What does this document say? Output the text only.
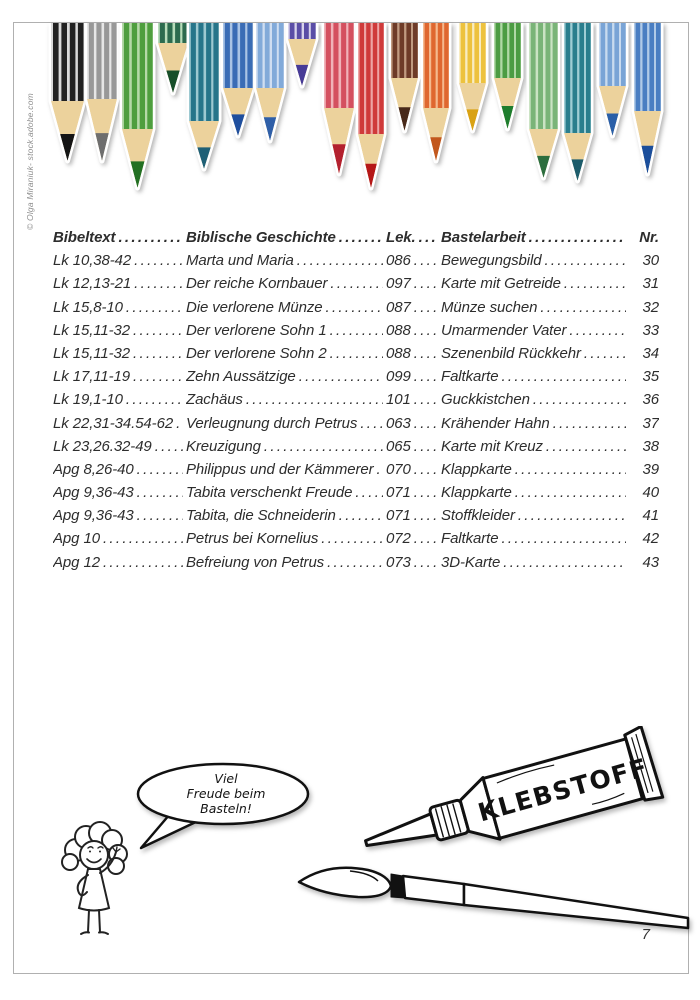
© Olga Miraniuk- stock.adobe.com
Bibeltext .....	Biblische Geschichte .....	Lek. ..... Bastelarbeit .....	Nr.
Lk 10,38-42 .....	Marta und Maria .....	086 ..... Bewegungsbild .....	30
Lk 12,13-21 .....	Der reiche Kornbauer .....	097 ..... Karte mit Getreide .....	31
Lk 15,8-10 .....	Die verlorene Münze .....	087 ..... Münze suchen .....	32
Lk 15,11-32 .....	Der verlorene Sohn 1 .....	088 ..... Umarmender Vater .....	33
Lk 15,11-32 .....	Der verlorene Sohn 2 .....	088 ..... Szenenbild Rückkehr .....	34
Lk 17,11-19 .....	Zehn Aussätzige .....	099 ..... Faltkarte .....	35
Lk 19,1-10 .....	Zachäus .....	101 ..... Guckkistchen .....	36
Lk 22,31-34.54-62 ..... Verleugnung durch Petrus ..... 063 ..... Krähender Hahn .....	37
Lk 23,26.32-49 ..... Kreuzigung .....	065 ..... Karte mit Kreuz .....	38
Apg 8,26-40 .....	Philippus und der Kämmerer ..... 070 ..... Klappkarte .....	39
Apg 9,36-43 .....	Tabita verschenkt Freude ..... 071 ..... Klappkarte .....	40
Apg 9,36-43 .....	Tabita, die Schneiderin .....	071 ..... Stoffkleider .....	41
Apg 10 .....	Petrus bei Kornelius .....	072 ..... Faltkarte .....	42
Apg 12 .....	Befreiung von Petrus .....	073 ..... 3D-Karte .....	43
Viel
Freude beim
Basteln!	KLEBSTOFF
7
